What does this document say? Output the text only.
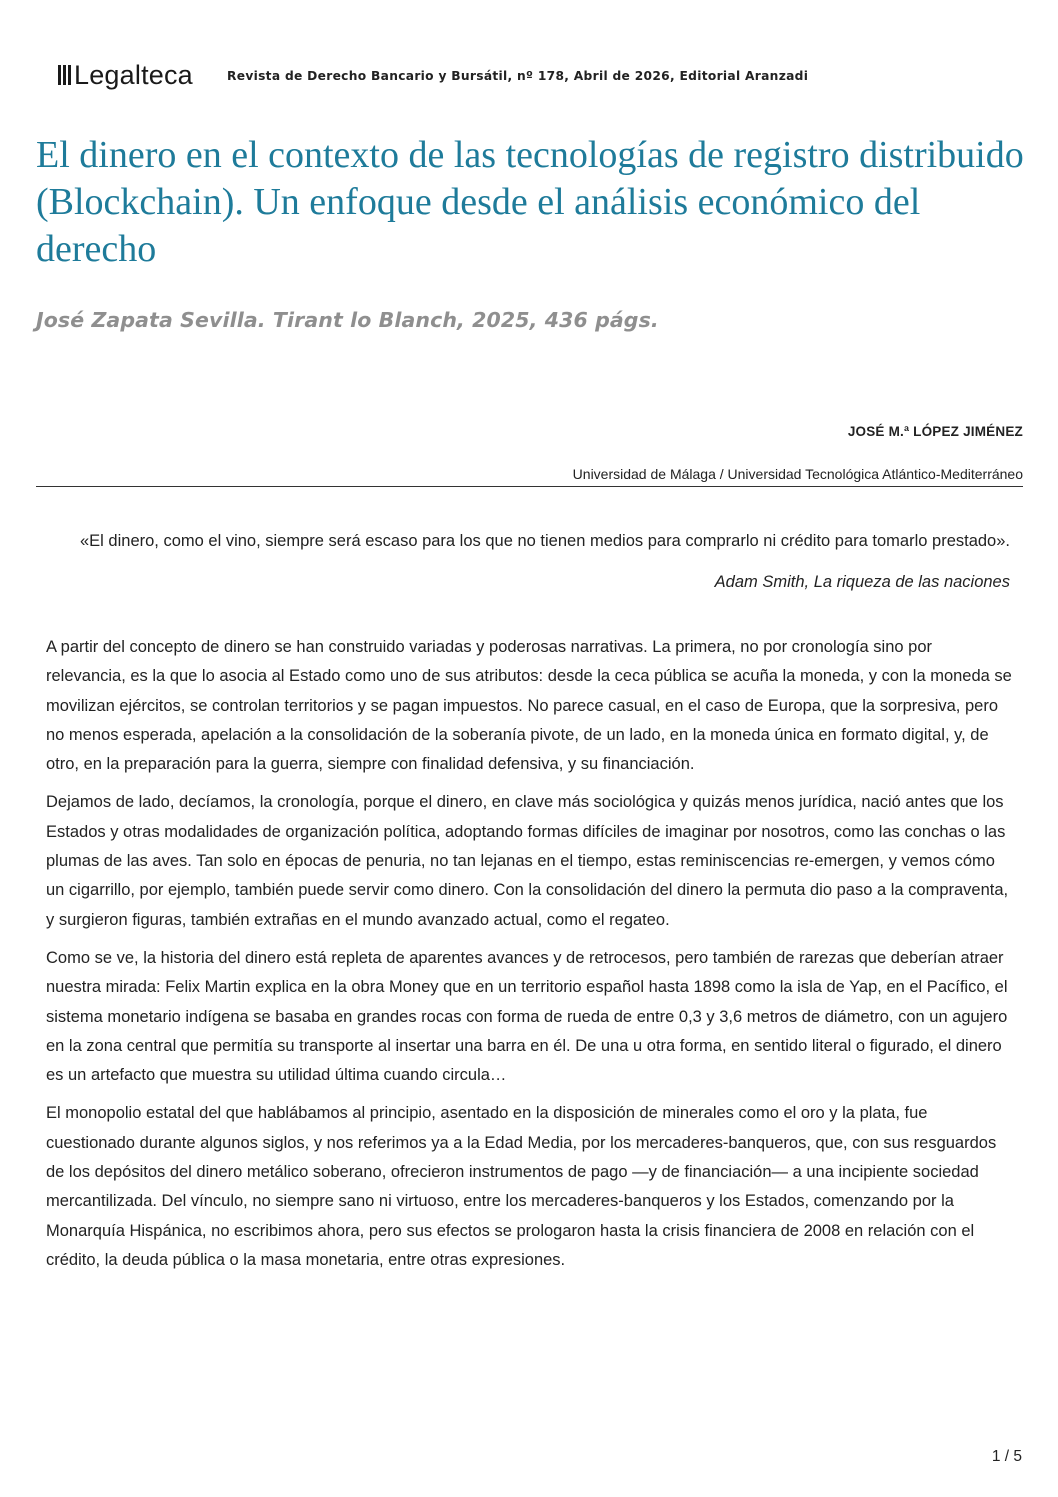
Legalteca	Revista de Derecho Bancario y Bursátil, nº 178, Abril de 2026, Editorial Aranzadi
El dinero en el contexto de las tecnologías de registro distribuido (Blockchain). Un enfoque desde el análisis económico del derecho

José Zapata Sevilla. Tirant lo Blanch, 2025, 436 págs.

JOSÉ M.ª LÓPEZ JIMÉNEZ

Universidad de Málaga / Universidad Tecnológica Atlántico-Mediterráneo

«El dinero, como el vino, siempre será escaso para los que no tienen medios para comprarlo ni crédito para tomarlo prestado».

Adam Smith, La riqueza de las naciones

A partir del concepto de dinero se han construido variadas y poderosas narrativas. La primera, no por cronología sino por relevancia, es la que lo asocia al Estado como uno de sus atributos: desde la ceca pública se acuña la moneda, y con la moneda se movilizan ejércitos, se controlan territorios y se pagan impuestos. No parece casual, en el caso de Europa, que la sorpresiva, pero no menos esperada, apelación a la consolidación de la soberanía pivote, de un lado, en la moneda única en formato digital, y, de otro, en la preparación para la guerra, siempre con finalidad defensiva, y su financiación.

Dejamos de lado, decíamos, la cronología, porque el dinero, en clave más sociológica y quizás menos jurídica, nació antes que los Estados y otras modalidades de organización política, adoptando formas difíciles de imaginar por nosotros, como las conchas o las plumas de las aves. Tan solo en épocas de penuria, no tan lejanas en el tiempo, estas reminiscencias re-emergen, y vemos cómo un cigarrillo, por ejemplo, también puede servir como dinero. Con la consolidación del dinero la permuta dio paso a la compraventa, y surgieron figuras, también extrañas en el mundo avanzado actual, como el regateo.

Como se ve, la historia del dinero está repleta de aparentes avances y de retrocesos, pero también de rarezas que deberían atraer nuestra mirada: Felix Martin explica en la obra Money que en un territorio español hasta 1898 como la isla de Yap, en el Pacífico, el sistema monetario indígena se basaba en grandes rocas con forma de rueda de entre 0,3 y 3,6 metros de diámetro, con un agujero en la zona central que permitía su transporte al insertar una barra en él. De una u otra forma, en sentido literal o figurado, el dinero es un artefacto que muestra su utilidad última cuando circula…

El monopolio estatal del que hablábamos al principio, asentado en la disposición de minerales como el oro y la plata, fue cuestionado durante algunos siglos, y nos referimos ya a la Edad Media, por los mercaderes-banqueros, que, con sus resguardos de los depósitos del dinero metálico soberano, ofrecieron instrumentos de pago —y de financiación— a una incipiente sociedad mercantilizada. Del vínculo, no siempre sano ni virtuoso, entre los mercaderes-banqueros y los Estados, comenzando por la Monarquía Hispánica, no escribimos ahora, pero sus efectos se prologaron hasta la crisis financiera de 2008 en relación con el crédito, la deuda pública o la masa monetaria, entre otras expresiones.

1 / 5
